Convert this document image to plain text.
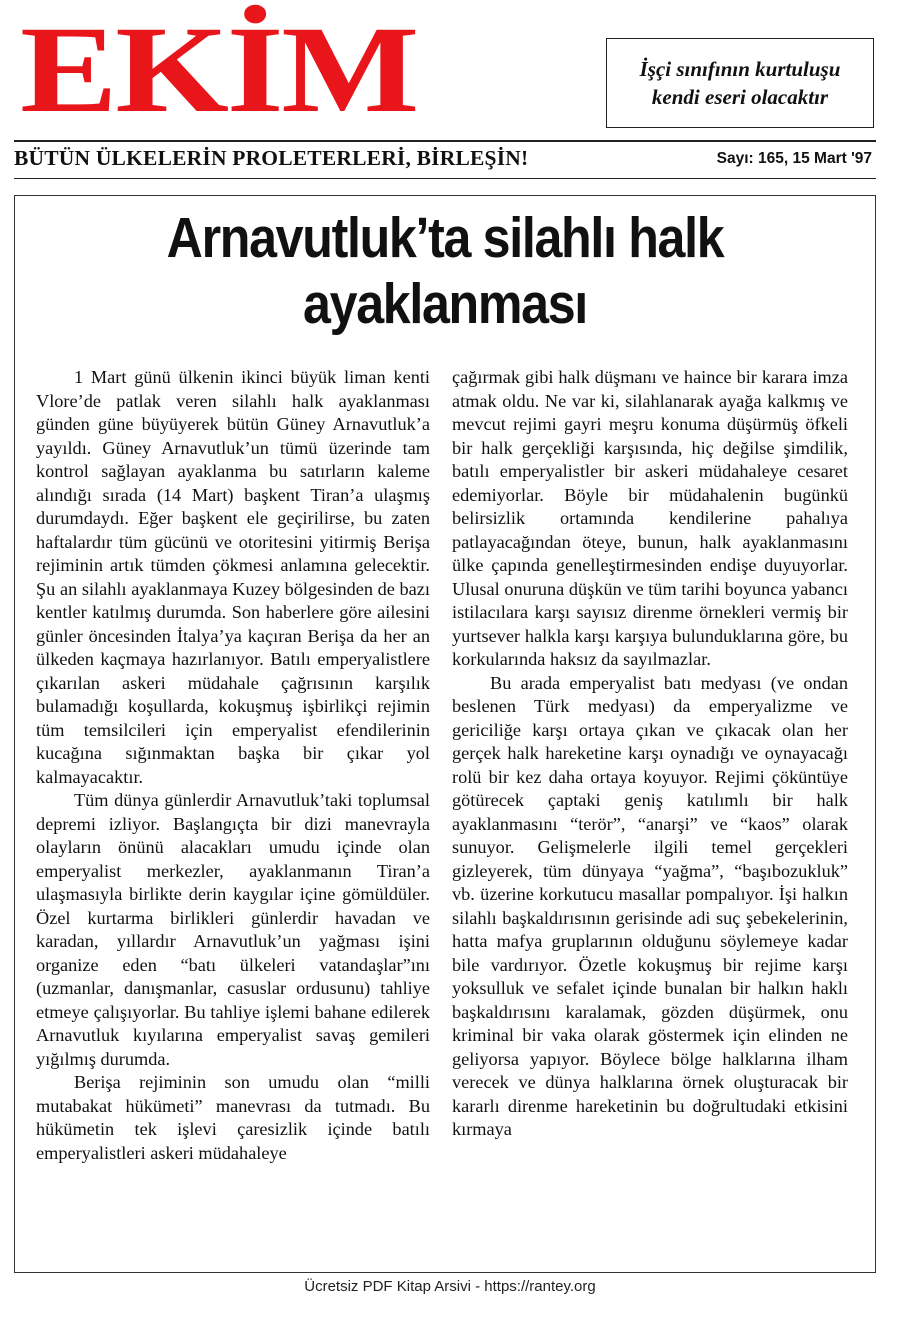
EKİM	İşçi sınıfının kurtuluşu
kendi eseri olacaktır
BÜTÜN ÜLKELERİN PROLETERLERİ, BİRLEŞİN!	Sayı: 165, 15 Mart '97
Arnavutluk’ta silahlı halk
ayaklanması

1 Mart günü ülkenin ikinci büyük liman kenti Vlore’de patlak veren silahlı halk ayaklanması günden güne büyüyerek bütün Güney Arnavutluk’a yayıldı. Güney Arnavutluk’un tümü üzerinde tam kontrol sağlayan ayaklanma bu satırların kaleme alındığı sırada (14 Mart) başkent Tiran’a ulaşmış durumdaydı. Eğer başkent ele geçirilirse, bu zaten haftalardır tüm gücünü ve otoritesini yitirmiş Berişa rejiminin artık tümden çökmesi anlamına gelecektir. Şu an silahlı ayaklanmaya Kuzey bölgesinden de bazı kentler katılmış durumda. Son haberlere göre ailesini günler öncesinden İtalya’ya kaçıran Berişa da her an ülkeden kaçmaya hazırlanıyor. Batılı emperyalistlere çıkarılan askeri müdahale çağrısının karşılık bulamadığı koşullarda, kokuşmuş işbirlikçi rejimin tüm temsilcileri için emperyalist efendilerinin kucağına sığınmaktan başka bir çıkar yol kalmayacaktır.

Tüm dünya günlerdir Arnavutluk’taki toplumsal depremi izliyor. Başlangıçta bir dizi manevrayla olayların önünü alacakları umudu içinde olan emperyalist merkezler, ayaklanmanın Tiran’a ulaşmasıyla birlikte derin kaygılar içine gömüldüler. Özel kurtarma birlikleri günlerdir havadan ve karadan, yıllardır Arnavutluk’un yağması işini organize eden “batı ülkeleri vatandaşlar”ını (uzmanlar, danışmanlar, casuslar ordusunu) tahliye etmeye çalışıyorlar. Bu tahliye işlemi bahane edilerek Arnavutluk kıyılarına emperyalist savaş gemileri yığılmış durumda.

Berişa rejiminin son umudu olan “milli mutabakat hükümeti” manevrası da tutmadı. Bu hükümetin tek işlevi çaresizlik içinde batılı emperyalistleri askeri müdahaleye

çağırmak gibi halk düşmanı ve haince bir karara imza atmak oldu. Ne var ki, silahlanarak ayağa kalkmış ve mevcut rejimi gayri meşru konuma düşürmüş öfkeli bir halk gerçekliği karşısında, hiç değilse şimdilik, batılı emperyalistler bir askeri müdahaleye cesaret edemiyorlar. Böyle bir müdahalenin bugünkü belirsizlik ortamında kendilerine pahalıya patlayacağından öteye, bunun, halk ayaklanmasını ülke çapında genelleştirmesinden endişe duyuyorlar. Ulusal onuruna düşkün ve tüm tarihi boyunca yabancı istilacılara karşı sayısız direnme örnekleri vermiş bir yurtsever halkla karşı karşıya bulunduklarına göre, bu korkularında haksız da sayılmazlar.

Bu arada emperyalist batı medyası (ve ondan beslenen Türk medyası) da emperyalizme ve gericiliğe karşı ortaya çıkan ve çıkacak olan her gerçek halk hareketine karşı oynadığı ve oynayacağı rolü bir kez daha ortaya koyuyor. Rejimi çöküntüye götürecek çaptaki geniş katılımlı bir halk ayaklanmasını “terör”, “anarşi” ve “kaos” olarak sunuyor. Gelişmelerle ilgili temel gerçekleri gizleyerek, tüm dünyaya “yağma”, “başıbozukluk” vb. üzerine korkutucu masallar pompalıyor. İşi halkın silahlı başkaldırısının gerisinde adi suç şebekelerinin, hatta mafya gruplarının olduğunu söylemeye kadar bile vardırıyor. Özetle kokuşmuş bir rejime karşı yoksulluk ve sefalet içinde bunalan bir halkın haklı başkaldırısını karalamak, gözden düşürmek, onu kriminal bir vaka olarak göstermek için elinden ne geliyorsa yapıyor. Böylece bölge halklarına ilham verecek ve dünya halklarına örnek oluşturacak bir kararlı direnme hareketinin bu doğrultudaki etkisini kırmaya

Ücretsiz PDF Kitap Arsivi - https://rantey.org
